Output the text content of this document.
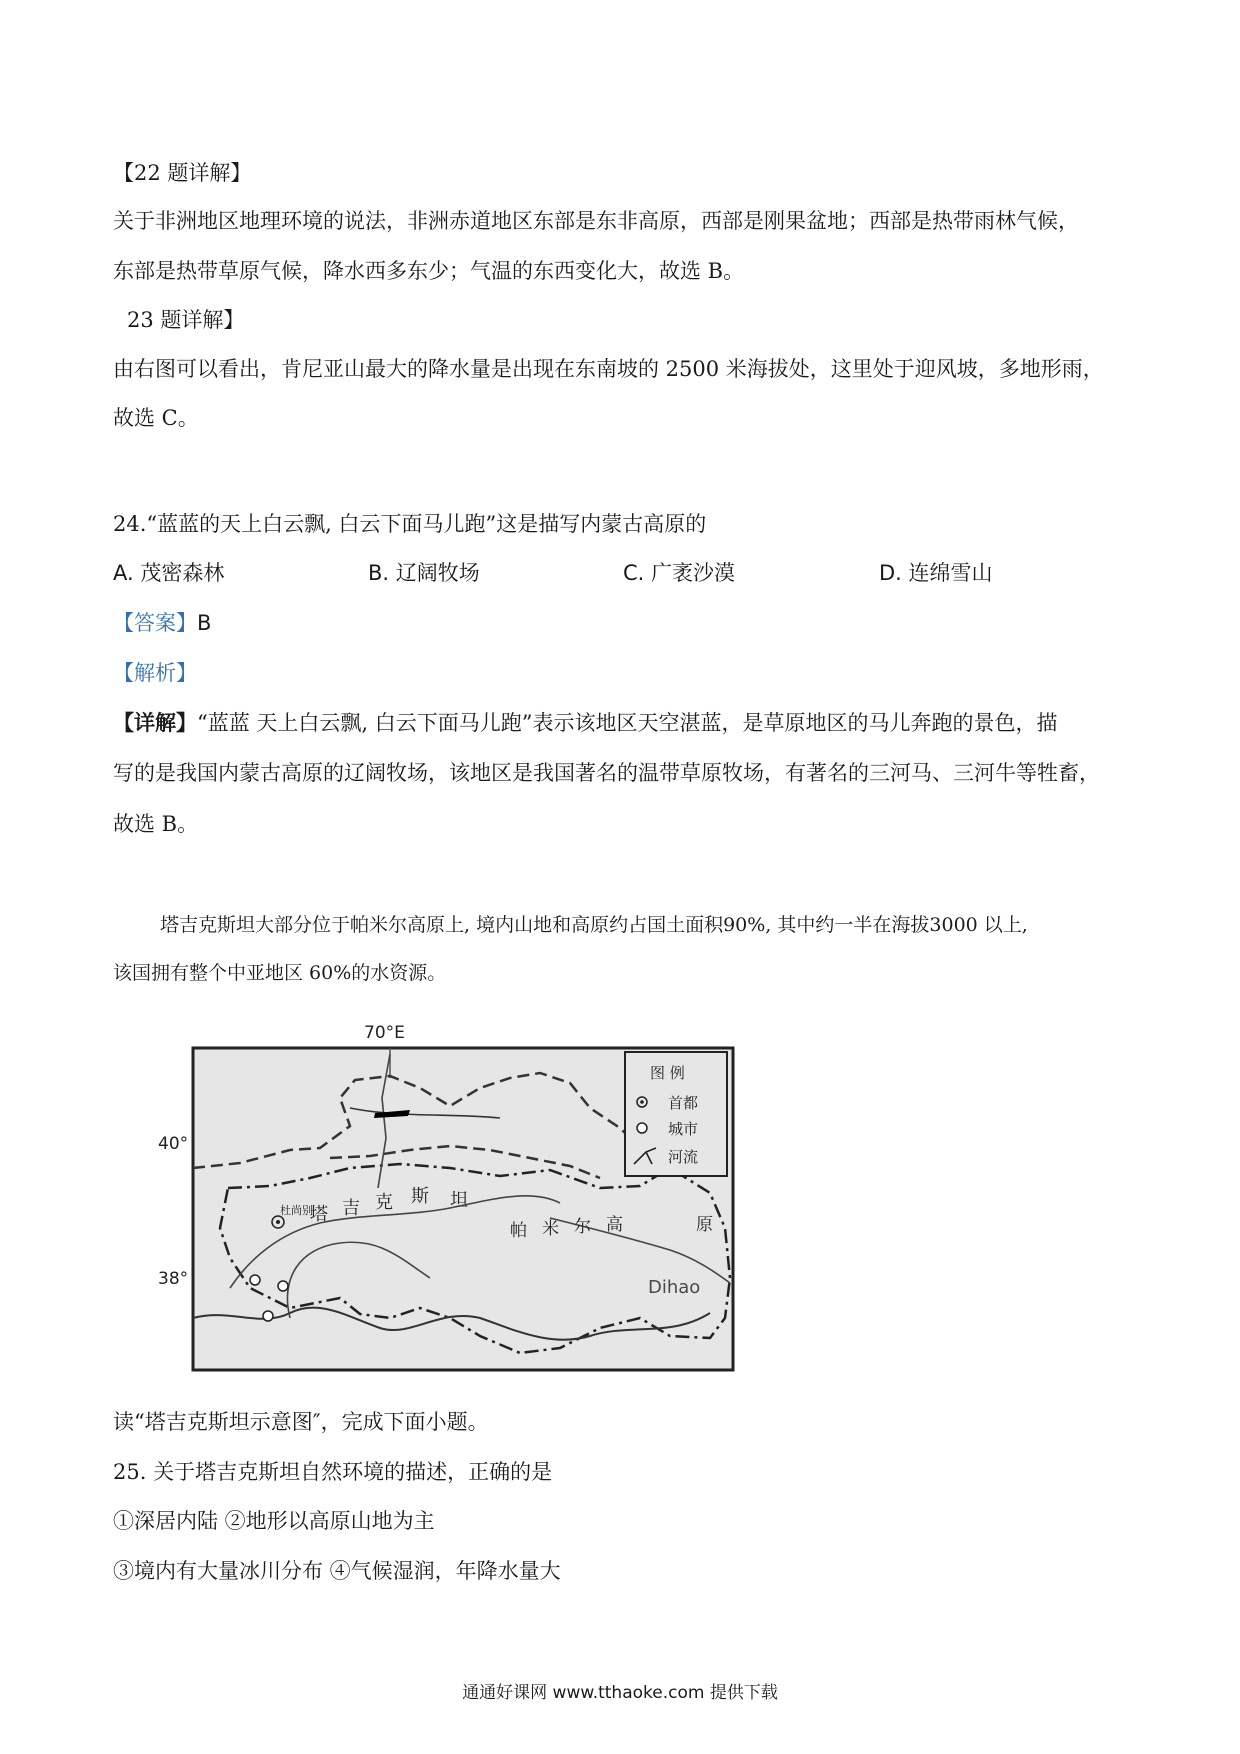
【22 题详解】
关于非洲地区地理环境的说法，非洲赤道地区东部是东非高原，西部是刚果盆地；西部是热带雨林气候，
东部是热带草原气候，降水西多东少；气温的东西变化大，故选 B。
23 题详解】
由右图可以看出，肯尼亚山最大的降水量是出现在东南坡的 2500 米海拔处，这里处于迎风坡，多地形雨，
故选 C。
24.“蓝蓝的天上白云飘, 白云下面马儿跑”这是描写内蒙古高原的
A. 茂密森林	B. 辽阔牧场	C. 广袤沙漠	D. 连绵雪山
【答案】B
【解析】
【详解】“蓝蓝 天上白云飘, 白云下面马儿跑”表示该地区天空湛蓝，是草原地区的马儿奔跑的景色，描
写的是我国内蒙古高原的辽阔牧场，该地区是我国著名的温带草原牧场，有著名的三河马、三河牛等牲畜，
故选 B。
塔吉克斯坦大部分位于帕米尔高原上, 境内山地和高原约占国土面积90%, 其中约一半在海拔3000 以上,
该国拥有整个中亚地区 60%的水资源。
70°E
40°
38°
杜尚别
塔 吉 克 斯 坦
帕 米 尔 高	原
Dihao
图 例
首都
城市
河流
读“塔吉克斯坦示意图″，完成下面小题。
25. 关于塔吉克斯坦自然环境的描述，正确的是
①深居内陆 ②地形以高原山地为主
③境内有大量冰川分布 ④气候湿润，年降水量大
通通好课网 www.tthaoke.com 提供下载
